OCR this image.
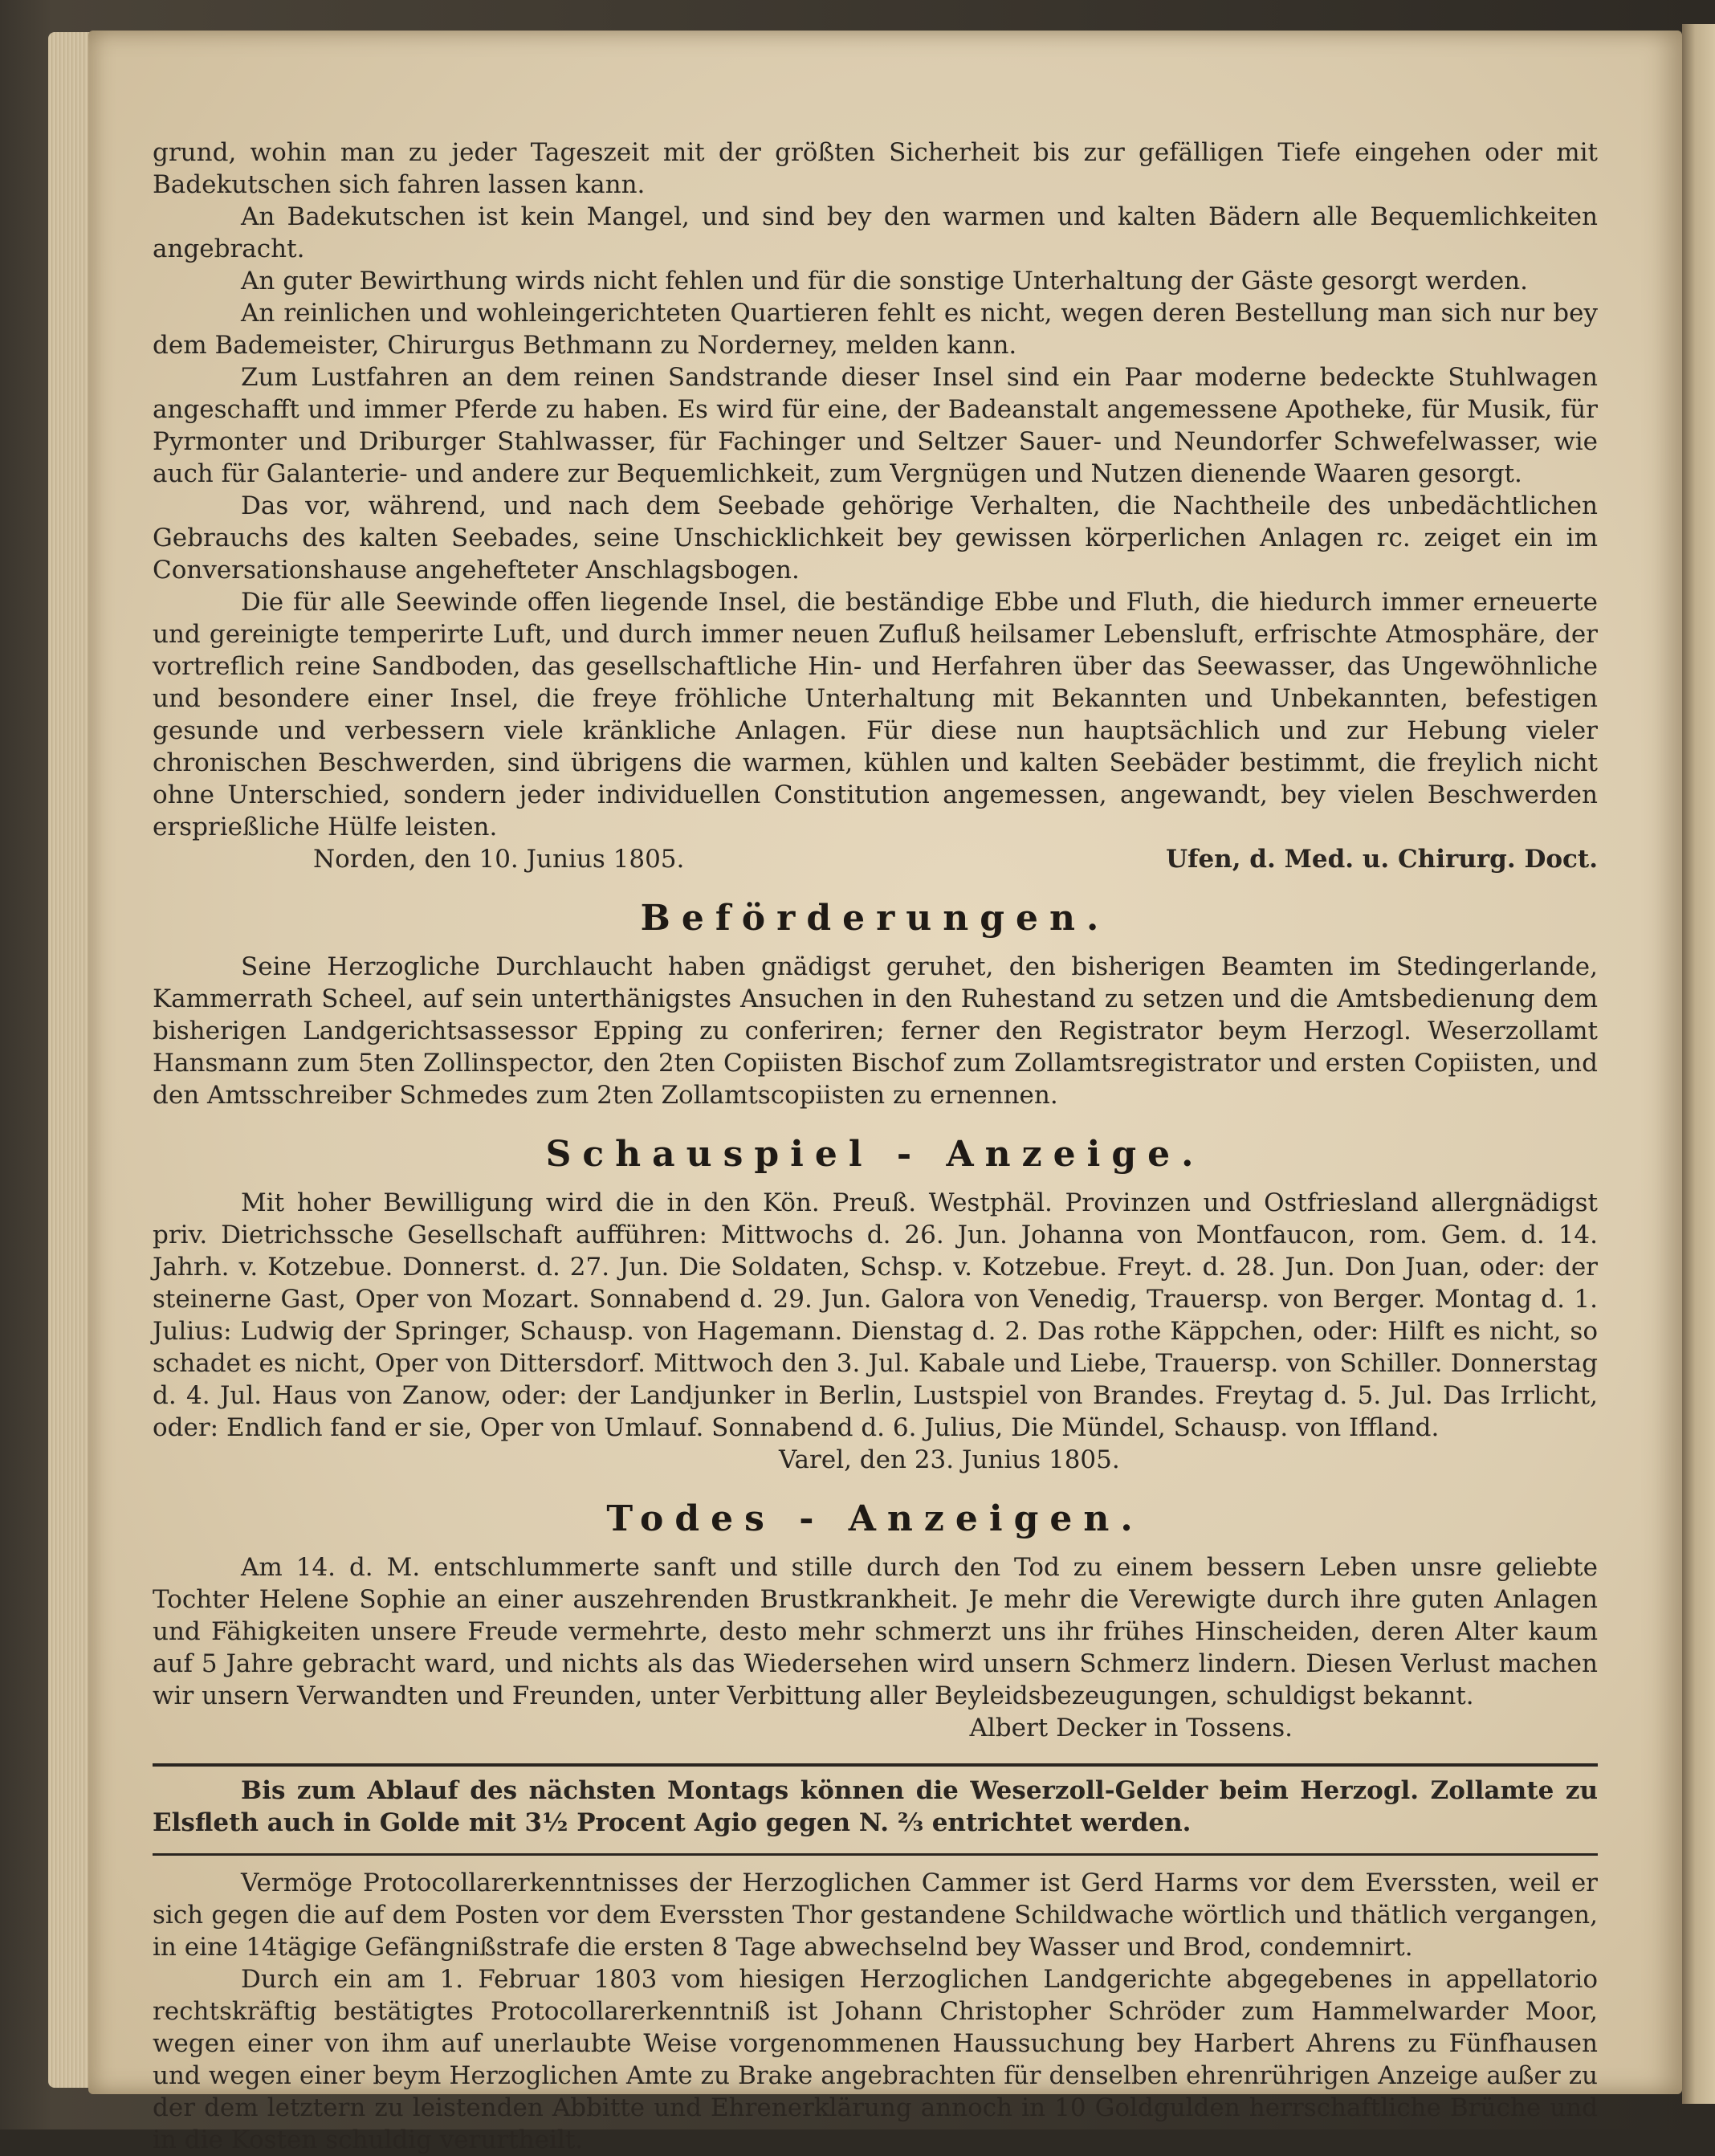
grund, wohin man zu jeder Tageszeit mit der größten Sicherheit bis zur gefälligen Tiefe eingehen oder mit Badekutschen sich fahren lassen kann.

An Badekutschen ist kein Mangel, und sind bey den warmen und kalten Bädern alle Bequemlichkeiten angebracht.

An guter Bewirthung wirds nicht fehlen und für die sonstige Unterhaltung der Gäste gesorgt werden.

An reinlichen und wohleingerichteten Quartieren fehlt es nicht, wegen deren Bestellung man sich nur bey dem Bademeister, Chirurgus Bethmann zu Norderney, melden kann.

Zum Lustfahren an dem reinen Sandstrande dieser Insel sind ein Paar moderne bedeckte Stuhlwagen angeschafft und immer Pferde zu haben. Es wird für eine, der Badeanstalt angemessene Apotheke, für Musik, für Pyrmonter und Driburger Stahlwasser, für Fachinger und Seltzer Sauer- und Neundorfer Schwefelwasser, wie auch für Galanterie- und andere zur Bequemlichkeit, zum Vergnügen und Nutzen dienende Waaren gesorgt.

Das vor, während, und nach dem Seebade gehörige Verhalten, die Nachtheile des unbedächtlichen Gebrauchs des kalten Seebades, seine Unschicklichkeit bey gewissen körperlichen Anlagen rc. zeiget ein im Conversationshause angehefteter Anschlagsbogen.

Die für alle Seewinde offen liegende Insel, die beständige Ebbe und Fluth, die hiedurch immer erneuerte und gereinigte temperirte Luft, und durch immer neuen Zufluß heilsamer Lebensluft, erfrischte Atmosphäre, der vortreflich reine Sandboden, das gesellschaftliche Hin- und Herfahren über das Seewasser, das Ungewöhnliche und besondere einer Insel, die freye fröhliche Unterhaltung mit Bekannten und Unbekannten, befestigen gesunde und verbessern viele kränkliche Anlagen. Für diese nun hauptsächlich und zur Hebung vieler chronischen Beschwerden, sind übrigens die warmen, kühlen und kalten Seebäder bestimmt, die freylich nicht ohne Unterschied, sondern jeder individuellen Constitution angemessen, angewandt, bey vielen Beschwerden ersprießliche Hülfe leisten.

Norden, den 10. Junius 1805.	Ufen, d. Med. u. Chirurg. Doct.
Beförderungen.

Seine Herzogliche Durchlaucht haben gnädigst geruhet, den bisherigen Beamten im Stedingerlande, Kammerrath Scheel, auf sein unterthänigstes Ansuchen in den Ruhestand zu setzen und die Amtsbedienung dem bisherigen Landgerichtsassessor Epping zu conferiren; ferner den Registrator beym Herzogl. Weserzollamt Hansmann zum 5ten Zollinspector, den 2ten Copiisten Bischof zum Zollamtsregistrator und ersten Copiisten, und den Amtsschreiber Schmedes zum 2ten Zollamtscopiisten zu ernennen.

Schauspiel - Anzeige.

Mit hoher Bewilligung wird die in den Kön. Preuß. Westphäl. Provinzen und Ostfriesland allergnädigst priv. Dietrichssche Gesellschaft aufführen: Mittwochs d. 26. Jun. Johanna von Montfaucon, rom. Gem. d. 14. Jahrh. v. Kotzebue. Donnerst. d. 27. Jun. Die Soldaten, Schsp. v. Kotzebue. Freyt. d. 28. Jun. Don Juan, oder: der steinerne Gast, Oper von Mozart. Sonnabend d. 29. Jun. Galora von Venedig, Trauersp. von Berger. Montag d. 1. Julius: Ludwig der Springer, Schausp. von Hagemann. Dienstag d. 2. Das rothe Käppchen, oder: Hilft es nicht, so schadet es nicht, Oper von Dittersdorf. Mittwoch den 3. Jul. Kabale und Liebe, Trauersp. von Schiller. Donnerstag d. 4. Jul. Haus von Zanow, oder: der Landjunker in Berlin, Lustspiel von Brandes. Freytag d. 5. Jul. Das Irrlicht, oder: Endlich fand er sie, Oper von Umlauf. Sonnabend d. 6. Julius, Die Mündel, Schausp. von Iffland.

Varel, den 23. Junius 1805.
Todes - Anzeigen.

Am 14. d. M. entschlummerte sanft und stille durch den Tod zu einem bessern Leben unsre geliebte Tochter Helene Sophie an einer auszehrenden Brustkrankheit. Je mehr die Verewigte durch ihre guten Anlagen und Fähigkeiten unsere Freude vermehrte, desto mehr schmerzt uns ihr frühes Hinscheiden, deren Alter kaum auf 5 Jahre gebracht ward, und nichts als das Wiedersehen wird unsern Schmerz lindern. Diesen Verlust machen wir unsern Verwandten und Freunden, unter Verbittung aller Beyleidsbezeugungen, schuldigst bekannt.

Albert Decker in Tossens.

Bis zum Ablauf des nächsten Montags können die Weserzoll-Gelder beim Herzogl. Zollamte zu Elsfleth auch in Golde mit 3½ Procent Agio gegen N. ⅔ entrichtet werden.

Vermöge Protocollarerkenntnisses der Herzoglichen Cammer ist Gerd Harms vor dem Everssten, weil er sich gegen die auf dem Posten vor dem Everssten Thor gestandene Schildwache wörtlich und thätlich vergangen, in eine 14tägige Gefängnißstrafe die ersten 8 Tage abwechselnd bey Wasser und Brod, condemnirt.

Durch ein am 1. Februar 1803 vom hiesigen Herzoglichen Landgerichte abgegebenes in appellatorio rechtskräftig bestätigtes Protocollarerkenntniß ist Johann Christopher Schröder zum Hammelwarder Moor, wegen einer von ihm auf unerlaubte Weise vorgenommenen Haussuchung bey Harbert Ahrens zu Fünfhausen und wegen einer beym Herzoglichen Amte zu Brake angebrachten für denselben ehrenrührigen Anzeige außer zu der dem letztern zu leistenden Abbitte und Ehrenerklärung annoch in 10 Goldgulden herrschaftliche Brüche und in die Kosten schuldig verurtheilt.
